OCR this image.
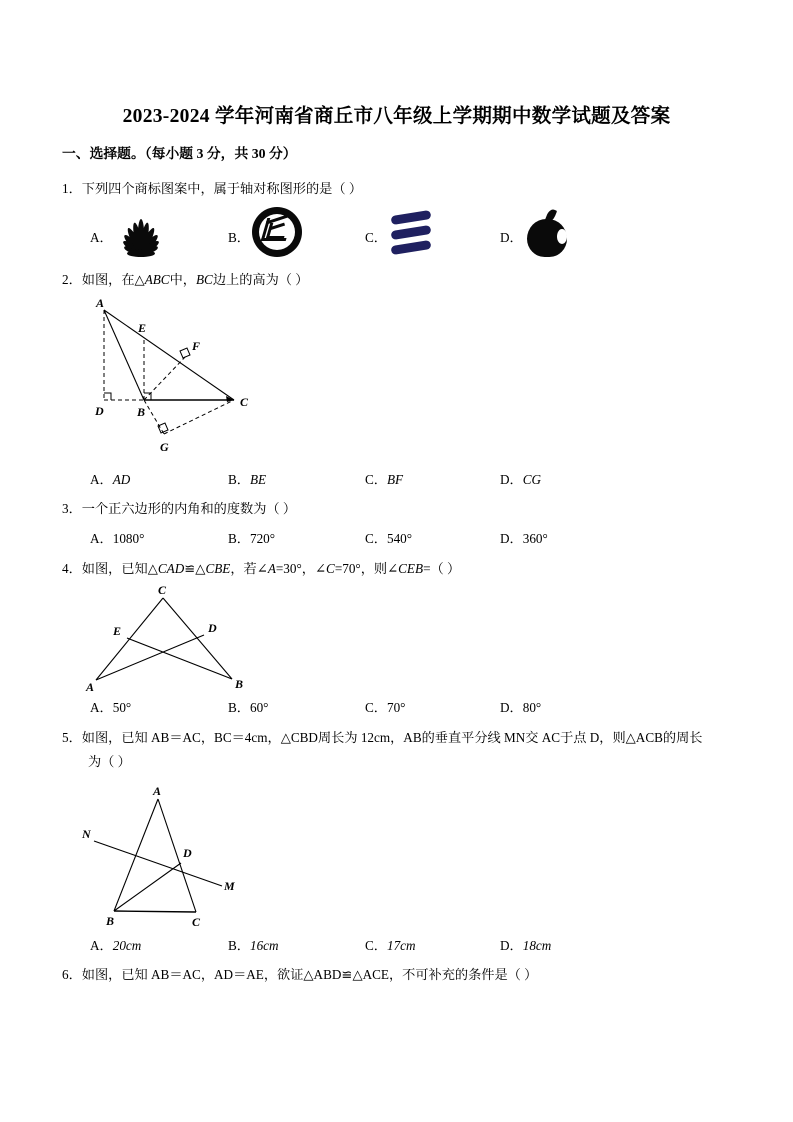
2023-2024 学年河南省商丘市八年级上学期期中数学试题及答案
一、选择题。（每小题 3 分，共 30 分）
1．下列四个商标图案中，属于轴对称图形的是（ ）
A．	B．	C．	D．
2．如图，在△ABC中，BC边上的高为（ ）
A
E
F
D	B
C
G
A．AD	B．BE	C．BF	D．CG
3．一个正六边形的内角和的度数为（ ）
A．1080°	B．720°	C．540°	D．360°
4．如图，已知△CAD≌△CBE，若∠A=30°，∠C=70°，则∠CEB=（ ）
C
E	D
A	B
A．50°	B．60°	C．70°	D．80°
5．如图，已知 AB＝AC，BC＝4cm，△CBD周长为 12cm，AB的垂直平分线 MN交 AC于点 D，则△ACB的周长
为（ ）
A
N
D
M
B	C
A．20cm	B．16cm	C．17cm	D．18cm
6．如图，已知 AB＝AC，AD＝AE，欲证△ABD≌△ACE，不可补充的条件是（ ）
